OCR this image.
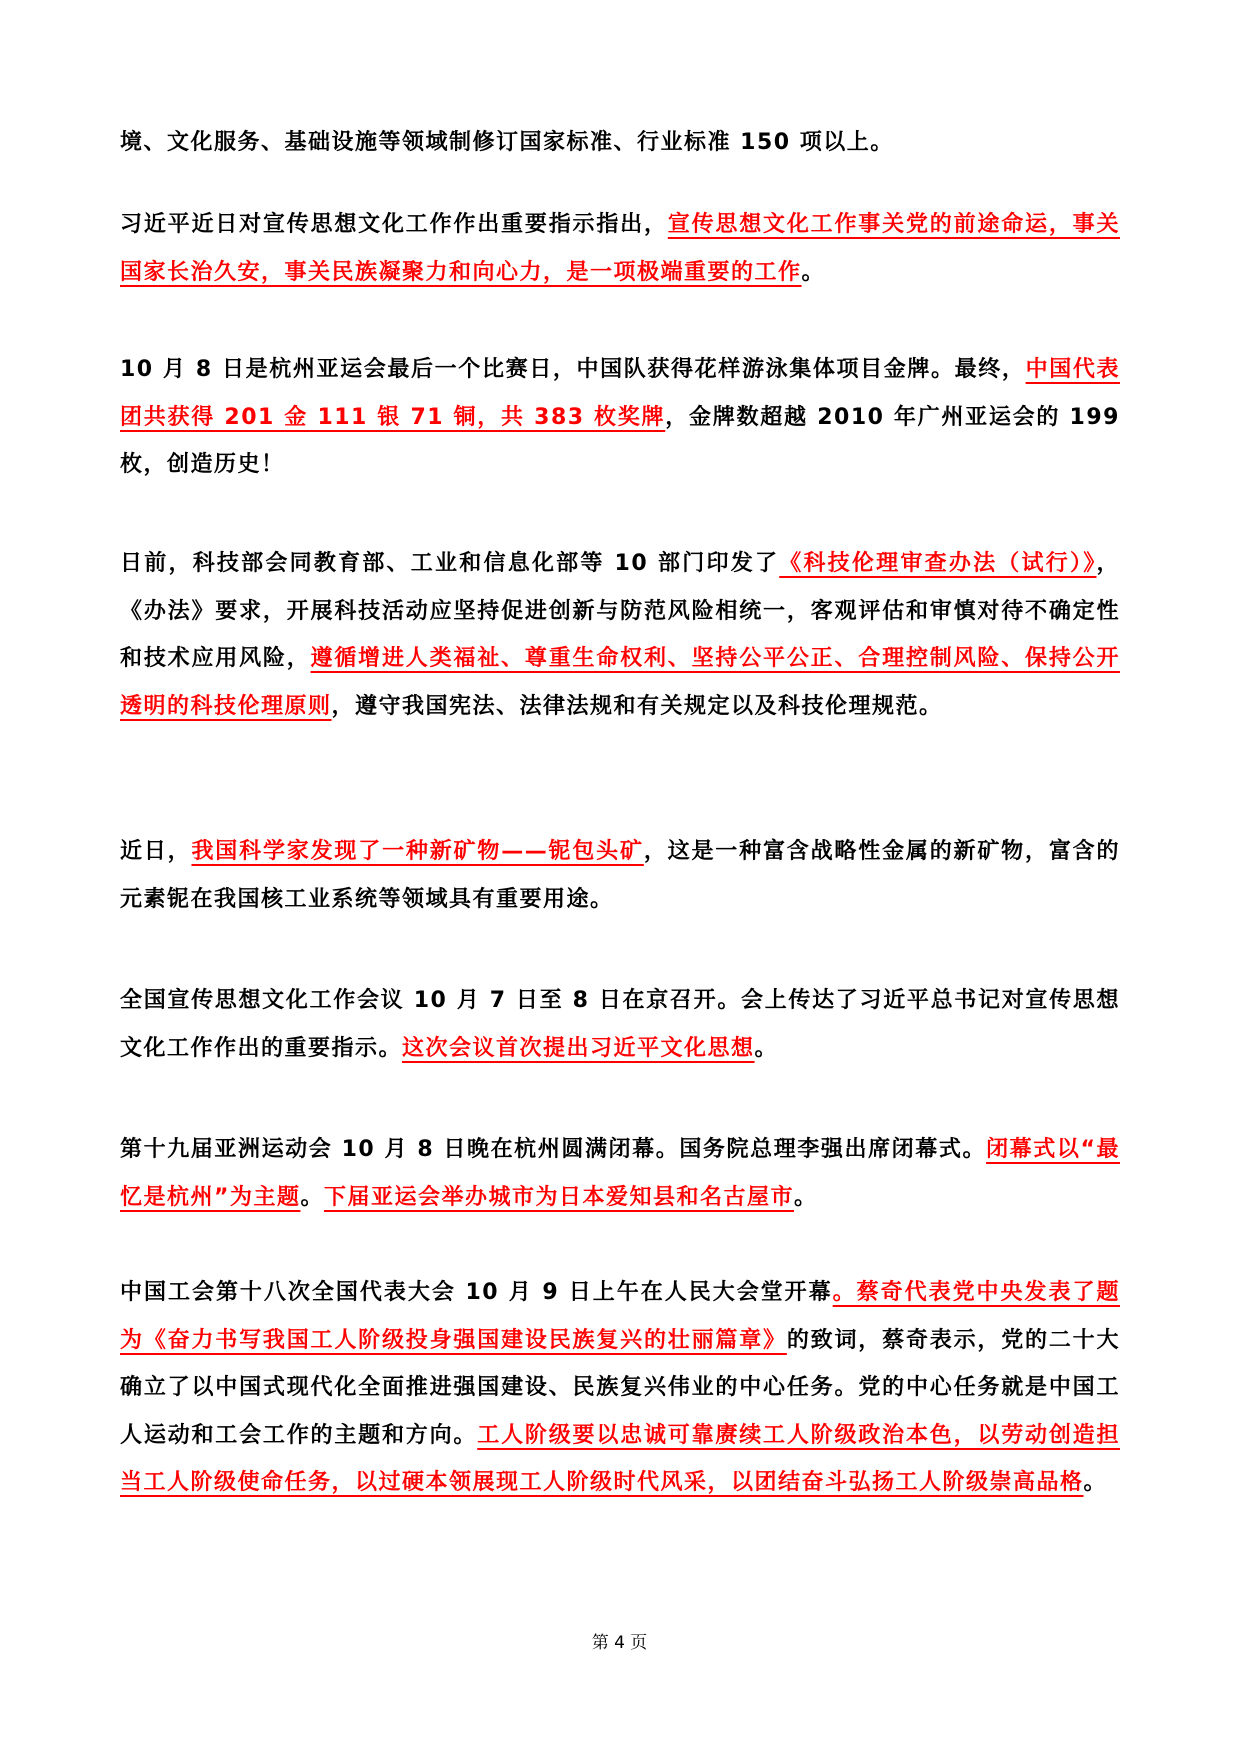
境、文化服务、基础设施等领域制修订国家标准、行业标准 150 项以上。

习近平近日对宣传思想文化工作作出重要指示指出，宣传思想文化工作事关党的前途命运，事关国家长治久安，事关民族凝聚力和向心力，是一项极端重要的工作。

10 月 8 日是杭州亚运会最后一个比赛日，中国队获得花样游泳集体项目金牌。最终，中国代表团共获得 201 金 111 银 71 铜，共 383 枚奖牌，金牌数超越 2010 年广州亚运会的 199 枚，创造历史！

日前，科技部会同教育部、工业和信息化部等 10 部门印发了《科技伦理审查办法（试行）》，《办法》要求，开展科技活动应坚持促进创新与防范风险相统一，客观评估和审慎对待不确定性和技术应用风险，遵循增进人类福祉、尊重生命权利、坚持公平公正、合理控制风险、保持公开透明的科技伦理原则，遵守我国宪法、法律法规和有关规定以及科技伦理规范。

近日，我国科学家发现了一种新矿物——铌包头矿，这是一种富含战略性金属的新矿物，富含的元素铌在我国核工业系统等领域具有重要用途。

全国宣传思想文化工作会议 10 月 7 日至 8 日在京召开。会上传达了习近平总书记对宣传思想文化工作作出的重要指示。这次会议首次提出习近平文化思想。

第十九届亚洲运动会 10 月 8 日晚在杭州圆满闭幕。国务院总理李强出席闭幕式。闭幕式以“最忆是杭州”为主题。下届亚运会举办城市为日本爱知县和名古屋市。

中国工会第十八次全国代表大会 10 月 9 日上午在人民大会堂开幕。蔡奇代表党中央发表了题为《奋力书写我国工人阶级投身强国建设民族复兴的壮丽篇章》的致词，蔡奇表示，党的二十大确立了以中国式现代化全面推进强国建设、民族复兴伟业的中心任务。党的中心任务就是中国工人运动和工会工作的主题和方向。工人阶级要以忠诚可靠赓续工人阶级政治本色，以劳动创造担当工人阶级使命任务，以过硬本领展现工人阶级时代风采，以团结奋斗弘扬工人阶级崇高品格。

第 4 页
